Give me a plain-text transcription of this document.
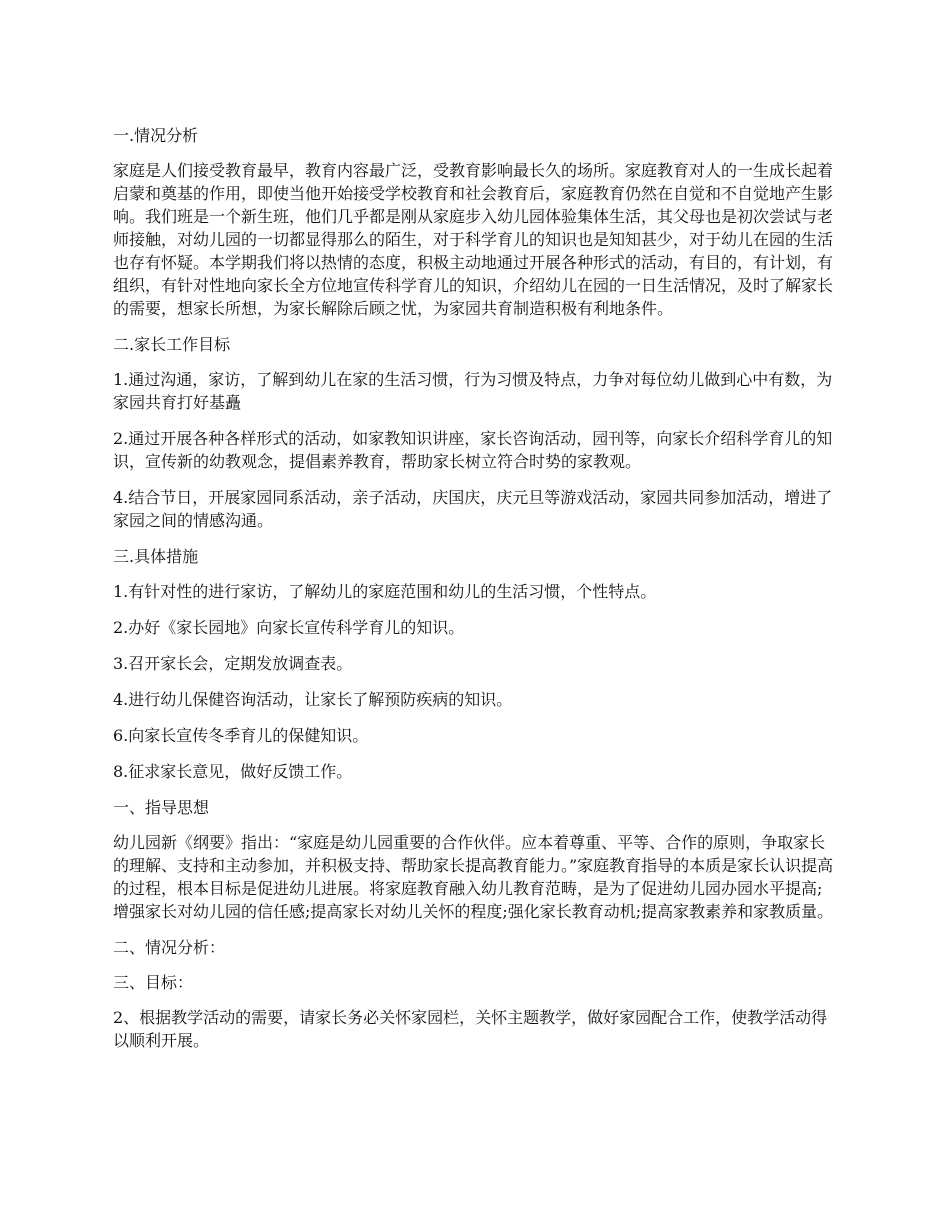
一.情况分析

家庭是人们接受教育最早，教育内容最广泛，受教育影响最长久的场所。家庭教育对人的一生成长起着启蒙和奠基的作用，即使当他开始接受学校教育和社会教育后，家庭教育仍然在自觉和不自觉地产生影响。我们班是一个新生班，他们几乎都是刚从家庭步入幼儿园体验集体生活，其父母也是初次尝试与老师接触，对幼儿园的一切都显得那么的陌生，对于科学育儿的知识也是知知甚少，对于幼儿在园的生活也存有怀疑。本学期我们将以热情的态度，积极主动地通过开展各种形式的活动，有目的，有计划，有组织，有针对性地向家长全方位地宣传科学育儿的知识，介绍幼儿在园的一日生活情况，及时了解家长的需要，想家长所想，为家长解除后顾之忧，为家园共育制造积极有利地条件。

二.家长工作目标

1.通过沟通，家访，了解到幼儿在家的生活习惯，行为习惯及特点，力争对每位幼儿做到心中有数，为家园共育打好基矗

2.通过开展各种各样形式的活动，如家教知识讲座，家长咨询活动，园刊等，向家长介绍科学育儿的知识，宣传新的幼教观念，提倡素养教育，帮助家长树立符合时势的家教观。

4.结合节日，开展家园同系活动，亲子活动，庆国庆，庆元旦等游戏活动，家园共同参加活动，增进了家园之间的情感沟通。

三.具体措施

1.有针对性的进行家访，了解幼儿的家庭范围和幼儿的生活习惯，个性特点。

2.办好《家长园地》向家长宣传科学育儿的知识。

3.召开家长会，定期发放调查表。

4.进行幼儿保健咨询活动，让家长了解预防疾病的知识。

6.向家长宣传冬季育儿的保健知识。

8.征求家长意见，做好反馈工作。

一、指导思想

幼儿园新《纲要》指出：“家庭是幼儿园重要的合作伙伴。应本着尊重、平等、合作的原则，争取家长的理解、支持和主动参加，并积极支持、帮助家长提高教育能力。”家庭教育指导的本质是家长认识提高的过程，根本目标是促进幼儿进展。将家庭教育融入幼儿教育范畴，是为了促进幼儿园办园水平提高;增强家长对幼儿园的信任感;提高家长对幼儿关怀的程度;强化家长教育动机;提高家教素养和家教质量。

二、情况分析：

三、目标：

2、根据教学活动的需要，请家长务必关怀家园栏，关怀主题教学，做好家园配合工作，使教学活动得以顺利开展。
